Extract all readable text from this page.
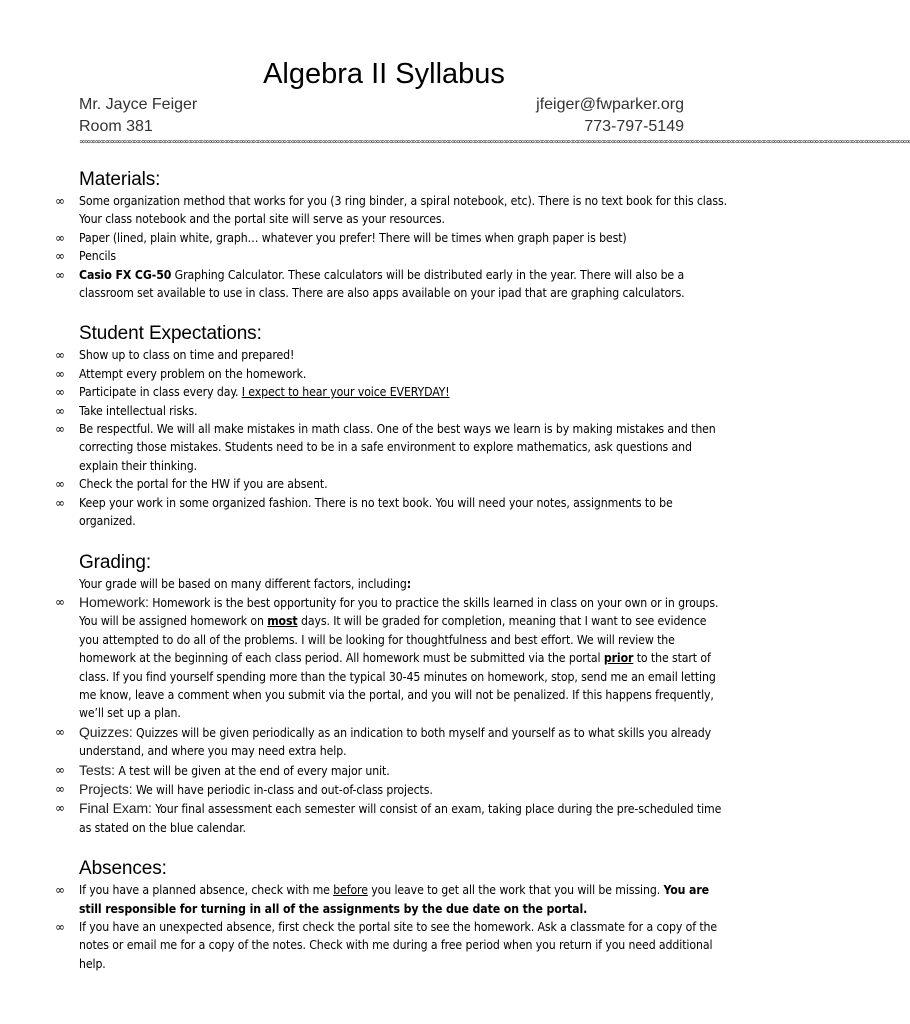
Algebra II Syllabus
Mr. Jayce Feiger	jfeiger@fwparker.org
Room 381	773-797-5149
∞∞∞∞∞∞∞∞∞∞∞∞∞∞∞∞∞∞∞∞∞∞∞∞∞∞∞∞∞∞∞∞∞∞∞∞∞∞∞∞∞∞∞∞∞∞∞∞∞∞∞∞∞∞∞∞∞∞∞∞∞∞∞∞∞∞∞∞∞∞∞∞∞∞∞∞∞∞∞∞∞∞∞∞∞∞∞∞∞∞∞∞∞∞∞∞∞∞∞∞∞∞∞∞∞∞∞∞∞∞∞∞∞∞∞∞∞∞∞∞∞∞∞∞∞∞∞∞∞∞∞∞∞∞∞∞∞∞∞∞∞∞∞∞∞∞∞∞∞∞∞∞∞∞∞∞∞∞∞∞∞
Materials:
∞ Some organization method that works for you (3 ring binder, a spiral notebook, etc). There is no text book for this class. Your class notebook and the portal site will serve as your resources.
∞ Paper (lined, plain white, graph… whatever you prefer! There will be times when graph paper is best)
∞ Pencils
∞ Casio FX CG-50 Graphing Calculator. These calculators will be distributed early in the year. There will also be a classroom set available to use in class. There are also apps available on your ipad that are graphing calculators.
Student Expectations:
∞ Show up to class on time and prepared!
∞ Attempt every problem on the homework.
∞ Participate in class every day. I expect to hear your voice EVERYDAY!
∞ Take intellectual risks.
∞ Be respectful. We will all make mistakes in math class. One of the best ways we learn is by making mistakes and then correcting those mistakes. Students need to be in a safe environment to explore mathematics, ask questions and explain their thinking.
∞ Check the portal for the HW if you are absent.
∞ Keep your work in some organized fashion. There is no text book. You will need your notes, assignments to be organized.
Grading:
Your grade will be based on many different factors, including:
∞ Homework: Homework is the best opportunity for you to practice the skills learned in class on your own or in groups. You will be assigned homework on most days. It will be graded for completion, meaning that I want to see evidence you attempted to do all of the problems. I will be looking for thoughtfulness and best effort. We will review the homework at the beginning of each class period. All homework must be submitted via the portal prior to the start of class. If you find yourself spending more than the typical 30-45 minutes on homework, stop, send me an email letting me know, leave a comment when you submit via the portal, and you will not be penalized. If this happens frequently, we’ll set up a plan.
∞ Quizzes: Quizzes will be given periodically as an indication to both myself and yourself as to what skills you already understand, and where you may need extra help.
∞ Tests: A test will be given at the end of every major unit.
∞ Projects: We will have periodic in-class and out-of-class projects.
∞ Final Exam: Your final assessment each semester will consist of an exam, taking place during the pre-scheduled time as stated on the blue calendar.
Absences:
∞ If you have a planned absence, check with me before you leave to get all the work that you will be missing. You are still responsible for turning in all of the assignments by the due date on the portal.
∞ If you have an unexpected absence, first check the portal site to see the homework. Ask a classmate for a copy of the notes or email me for a copy of the notes. Check with me during a free period when you return if you need additional help.
